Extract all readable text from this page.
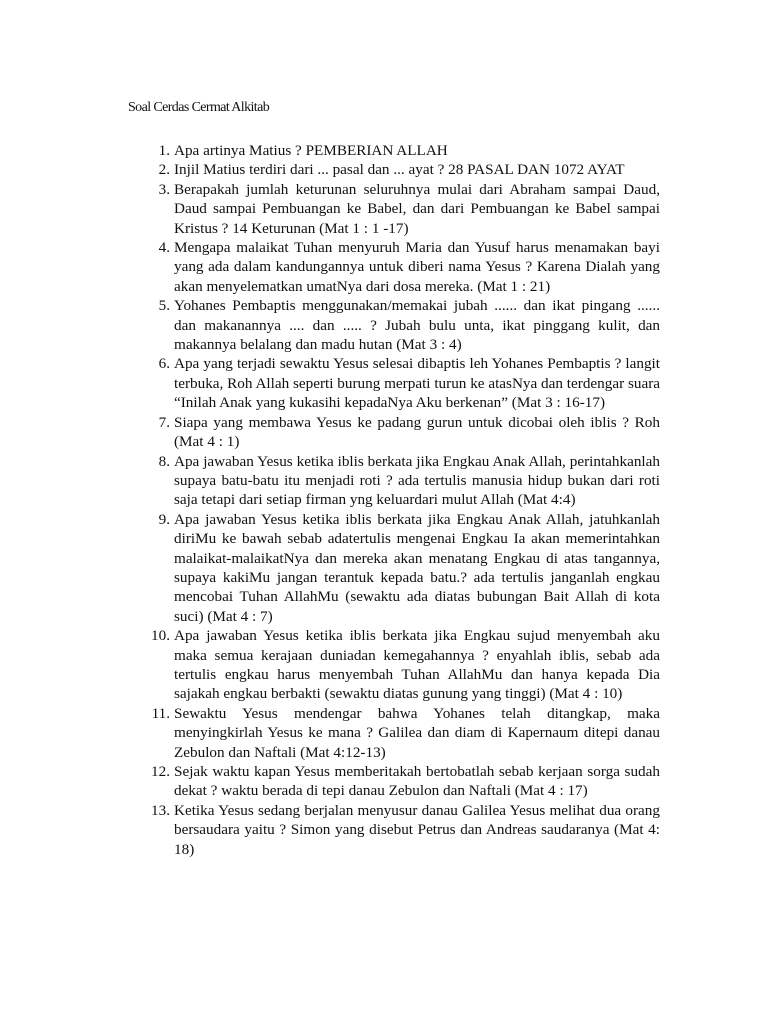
Soal Cerdas Cermat Alkitab
1. Apa artinya Matius ? PEMBERIAN ALLAH
2. Injil Matius terdiri dari ... pasal dan ... ayat ? 28 PASAL DAN 1072 AYAT
3. Berapakah jumlah keturunan seluruhnya mulai dari Abraham sampai Daud, Daud sampai Pembuangan ke Babel, dan dari Pembuangan ke Babel sampai Kristus ? 14 Keturunan (Mat 1 : 1 -17)
4. Mengapa malaikat Tuhan menyuruh Maria dan Yusuf harus menamakan bayi yang ada dalam kandungannya untuk diberi nama Yesus ? Karena Dialah yang akan menyelematkan umatNya dari dosa mereka. (Mat 1 : 21)
5. Yohanes Pembaptis menggunakan/memakai jubah ...... dan ikat pingang ...... dan makanannya .... dan ..... ? Jubah bulu unta, ikat pinggang kulit, dan makannya belalang dan madu hutan (Mat 3 : 4)
6. Apa yang terjadi sewaktu Yesus selesai dibaptis leh Yohanes Pembaptis ? langit terbuka, Roh Allah seperti burung merpati turun ke atasNya dan terdengar suara “Inilah Anak yang kukasihi kepadaNya Aku berkenan” (Mat 3 : 16-17)
7. Siapa yang membawa Yesus ke padang gurun untuk dicobai oleh iblis ? Roh (Mat 4 : 1)
8. Apa jawaban Yesus ketika iblis berkata jika Engkau Anak Allah, perintahkanlah supaya batu-batu itu menjadi roti ? ada tertulis manusia hidup bukan dari roti saja tetapi dari setiap firman yng keluardari mulut Allah (Mat 4:4)
9. Apa jawaban Yesus ketika iblis berkata jika Engkau Anak Allah, jatuhkanlah diriMu ke bawah sebab adatertulis mengenai Engkau Ia akan memerintahkan malaikat-malaikatNya dan mereka akan menatang Engkau di atas tangannya, supaya kakiMu jangan terantuk kepada batu.? ada tertulis janganlah engkau mencobai Tuhan AllahMu (sewaktu ada diatas bubungan Bait Allah di kota suci) (Mat 4 : 7)
10. Apa jawaban Yesus ketika iblis berkata jika Engkau sujud menyembah aku maka semua kerajaan duniadan kemegahannya ? enyahlah iblis, sebab ada tertulis engkau harus menyembah Tuhan AllahMu dan hanya kepada Dia sajakah engkau berbakti (sewaktu diatas gunung yang tinggi) (Mat 4 : 10)
11. Sewaktu Yesus mendengar bahwa Yohanes telah ditangkap, maka menyingkirlah Yesus ke mana ? Galilea dan diam di Kapernaum ditepi danau Zebulon dan Naftali (Mat 4:12-13)
12. Sejak waktu kapan Yesus memberitakah bertobatlah sebab kerjaan sorga sudah dekat ? waktu berada di tepi danau Zebulon dan Naftali (Mat 4 : 17)
13. Ketika Yesus sedang berjalan menyusur danau Galilea Yesus melihat dua orang bersaudara yaitu ? Simon yang disebut Petrus dan Andreas saudaranya (Mat 4: 18)
